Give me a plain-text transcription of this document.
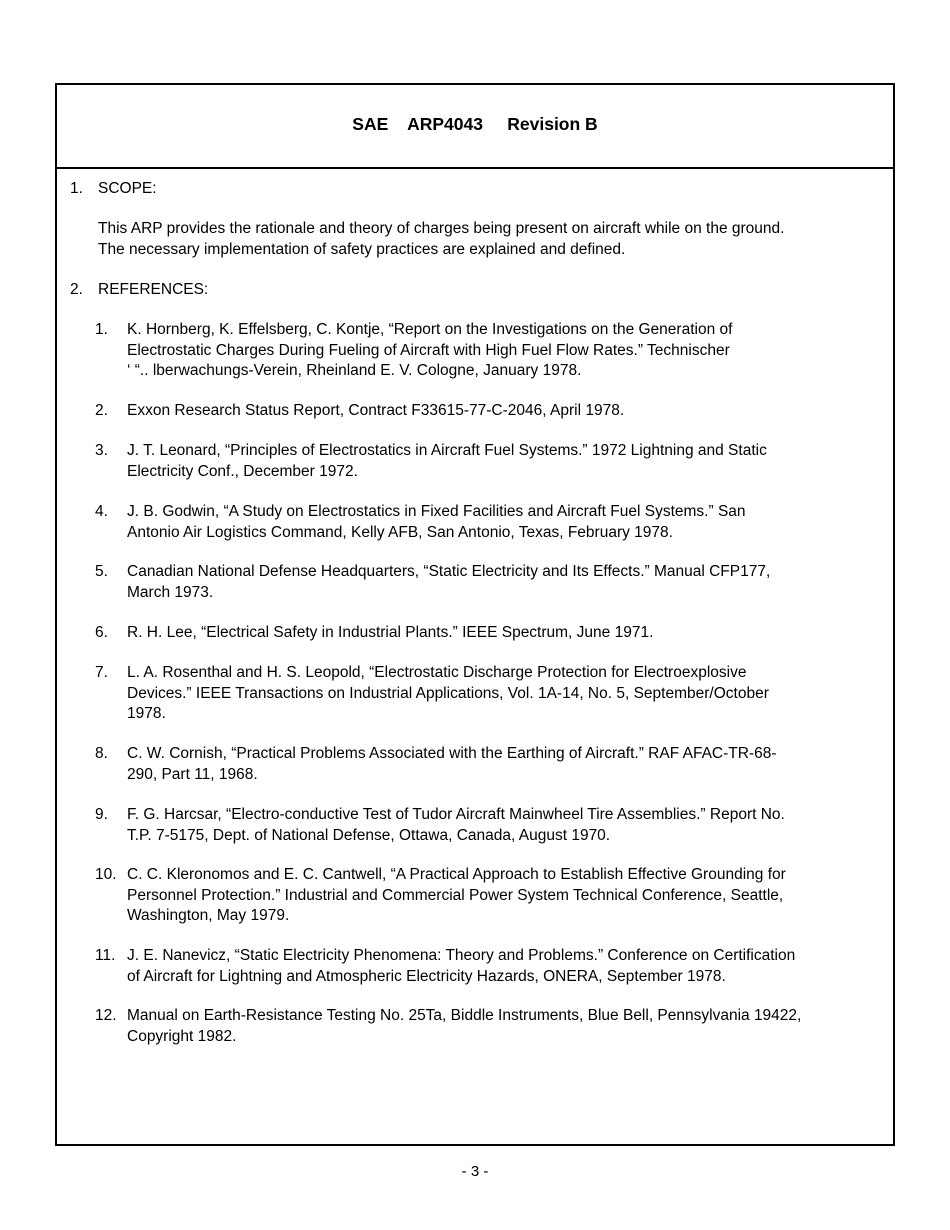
SAE    ARP4043     Revision B
1. SCOPE:
This ARP provides the rationale and theory of charges being present on aircraft while on the ground.
The necessary implementation of safety practices are explained and defined.
2. REFERENCES:
1.	K. Hornberg, K. Effelsberg, C. Kontje, “Report on the Investigations on the Generation of
Electrostatic Charges During Fueling of Aircraft with High Fuel Flow Rates.” Technischer
‘ “.. lberwachungs-Verein, Rheinland E. V. Cologne, January 1978.
2.	Exxon Research Status Report, Contract F33615-77-C-2046, April 1978.
3.	J. T. Leonard, “Principles of Electrostatics in Aircraft Fuel Systems.” 1972 Lightning and Static
Electricity Conf., December 1972.
4.	J. B. Godwin, “A Study on Electrostatics in Fixed Facilities and Aircraft Fuel Systems.” San
Antonio Air Logistics Command, Kelly AFB, San Antonio, Texas, February 1978.
5.	Canadian National Defense Headquarters, “Static Electricity and Its Effects.” Manual CFP177,
March 1973.
6.	R. H. Lee, “Electrical Safety in Industrial Plants.” IEEE Spectrum, June 1971.
7.	L. A. Rosenthal and H. S. Leopold, “Electrostatic Discharge Protection for Electroexplosive
Devices.” IEEE Transactions on Industrial Applications, Vol. 1A-14, No. 5, September/October
1978.
8.	C. W. Cornish, “Practical Problems Associated with the Earthing of Aircraft.” RAF AFAC-TR-68-
290, Part 11, 1968.
9.	F. G. Harcsar, “Electro-conductive Test of Tudor Aircraft Mainwheel Tire Assemblies.” Report No.
T.P. 7-5175, Dept. of National Defense, Ottawa, Canada, August 1970.
10. C. C. Kleronomos and E. C. Cantwell, “A Practical Approach to Establish Effective Grounding for
Personnel Protection.” Industrial and Commercial Power System Technical Conference, Seattle,
Washington, May 1979.
11. J. E. Nanevicz, “Static Electricity Phenomena: Theory and Problems.” Conference on Certification
of Aircraft for Lightning and Atmospheric Electricity Hazards, ONERA, September 1978.
12. Manual on Earth-Resistance Testing No. 25Ta, Biddle Instruments, Blue Bell, Pennsylvania 19422,
Copyright 1982.
- 3 -
